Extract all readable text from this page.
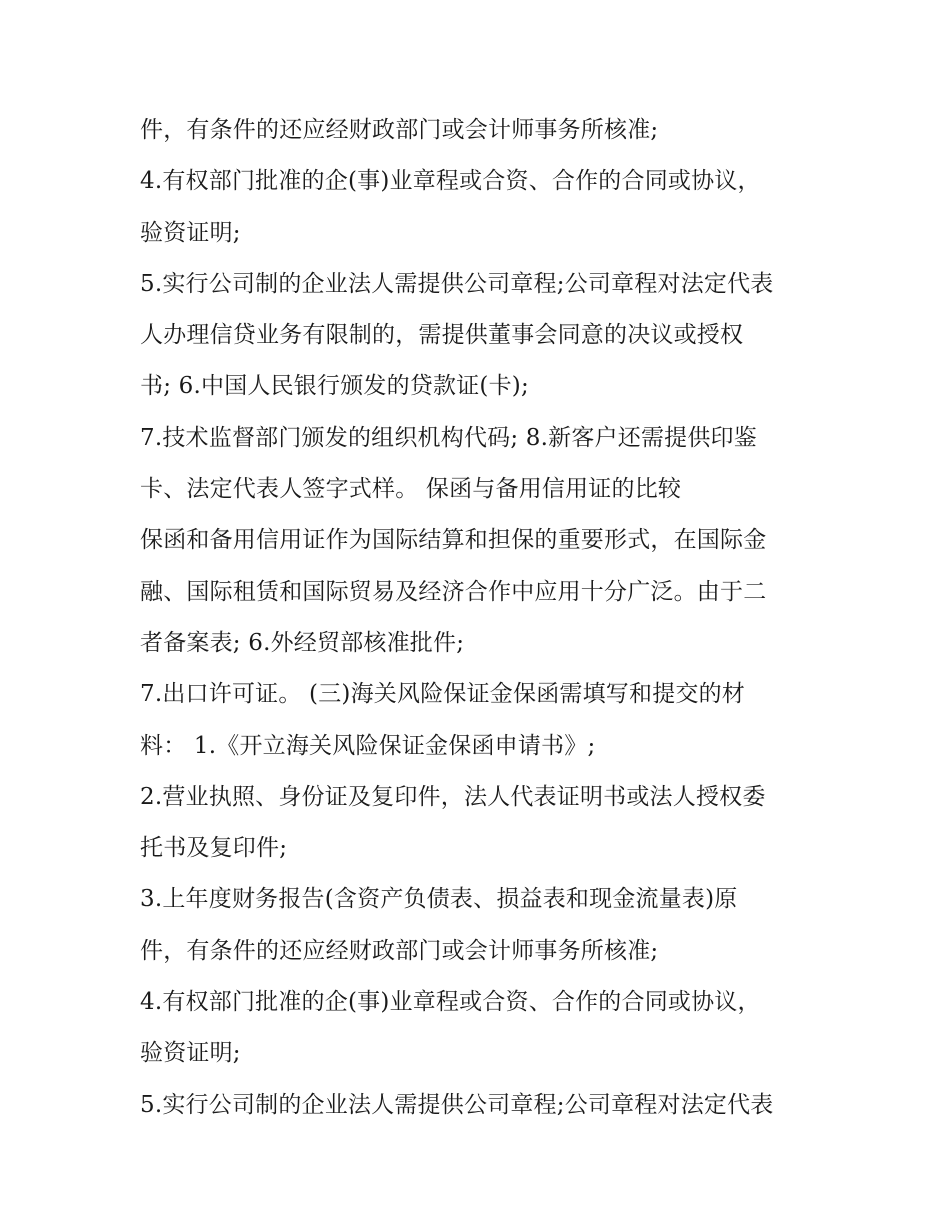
件，有条件的还应经财政部门或会计师事务所核准;
4.有权部门批准的企(事)业章程或合资、合作的合同或协议，
验资证明;
5.实行公司制的企业法人需提供公司章程;公司章程对法定代表
人办理信贷业务有限制的，需提供董事会同意的决议或授权
书; 6.中国人民银行颁发的贷款证(卡);
7.技术监督部门颁发的组织机构代码; 8.新客户还需提供印鉴
卡、法定代表人签字式样。 保函与备用信用证的比较
保函和备用信用证作为国际结算和担保的重要形式，在国际金
融、国际租赁和国际贸易及经济合作中应用十分广泛。由于二
者备案表; 6.外经贸部核准批件;
7.出口许可证。 (三)海关风险保证金保函需填写和提交的材
料： 1.《开立海关风险保证金保函申请书》;
2.营业执照、身份证及复印件，法人代表证明书或法人授权委
托书及复印件;
3.上年度财务报告(含资产负债表、损益表和现金流量表)原
件，有条件的还应经财政部门或会计师事务所核准;
4.有权部门批准的企(事)业章程或合资、合作的合同或协议，
验资证明;
5.实行公司制的企业法人需提供公司章程;公司章程对法定代表
